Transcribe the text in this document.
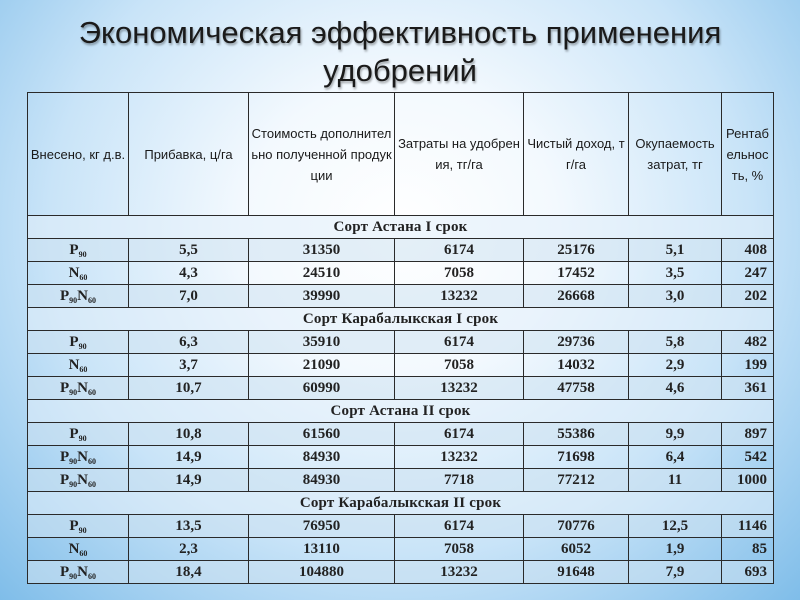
Экономическая эффективность применения
удобрений
Внесено, кг д.в.	Прибавка, ц/га	Стоимость дополнительно полученной продукции	Затраты на удобрения, тг/га	Чистый доход, тг/га	Окупаемость затрат, тг	Рентабельность, %
Сорт Астана I срок						
$P_{90}$	5,5	31350	6174	25176	5,1	408
$N_{60}$	4,3	24510	7058	17452	3,5	247
$P_{90}N_{60}$	7,0	39990	13232	26668	3,0	202
Сорт Карабалыкская I срок						
$P_{90}$	6,3	35910	6174	29736	5,8	482
$N_{60}$	3,7	21090	7058	14032	2,9	199
$P_{90}N_{60}$	10,7	60990	13232	47758	4,6	361
Сорт Астана II срок						
$P_{90}$	10,8	61560	6174	55386	9,9	897
$P_{90}N_{60}$	14,9	84930	13232	71698	6,4	542
$P_{90}N_{60}$	14,9	84930	7718	77212	11	1000
Сорт Карабалыкская II срок						
$P_{90}$	13,5	76950	6174	70776	12,5	1146
$N_{60}$	2,3	13110	7058	6052	1,9	85
$P_{90}N_{60}$	18,4	104880	13232	91648	7,9	693
